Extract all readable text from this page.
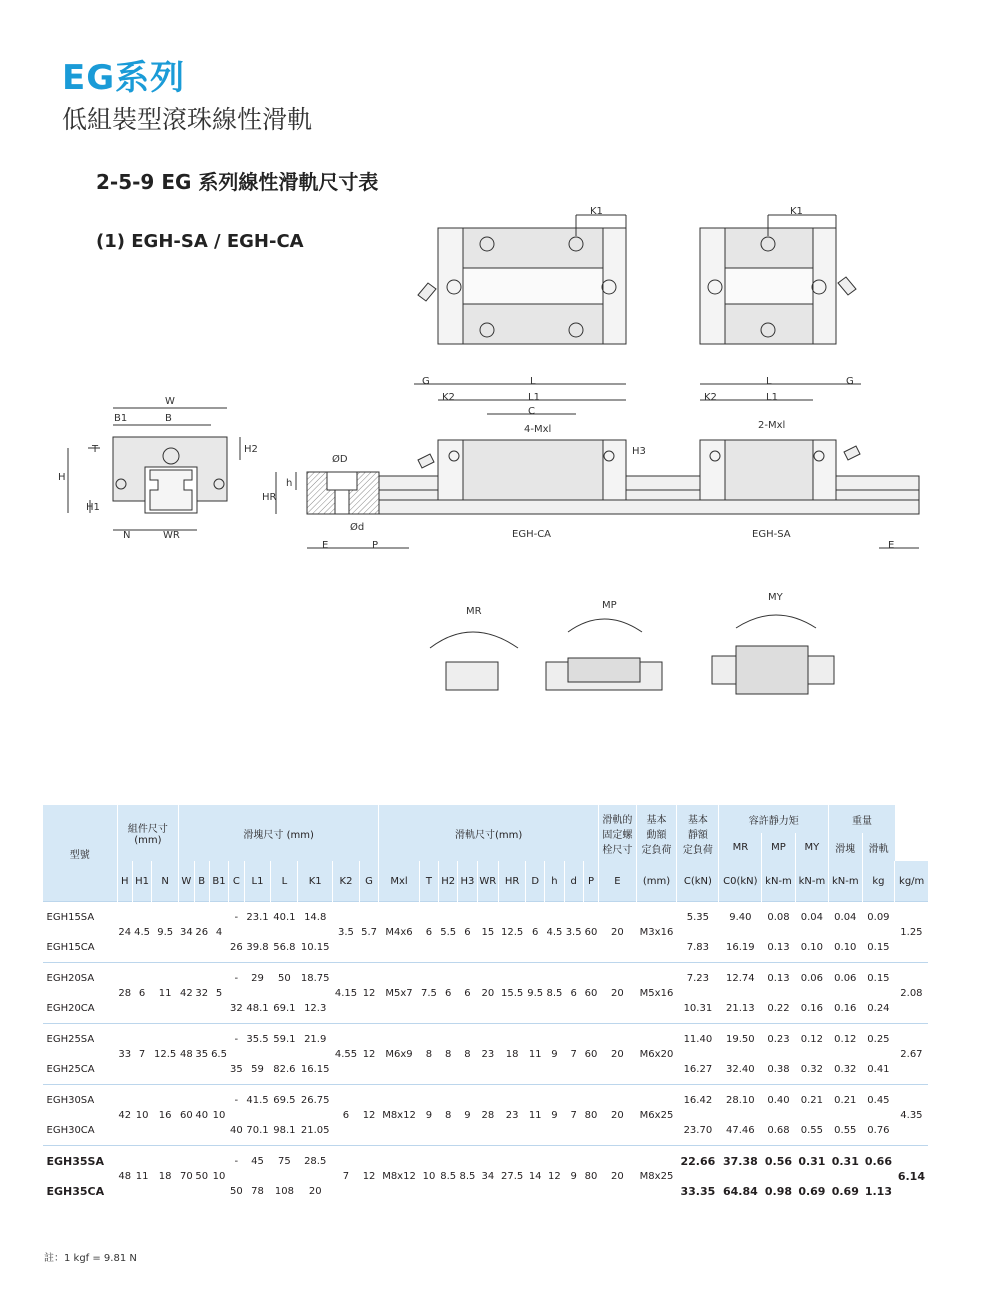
EG系列
低組裝型滾珠線性滑軌
2-5-9 EG 系列線性滑軌尺寸表
(1) EGH-SA / EGH-CA
W
B1	B
H2
T
H
H1
N	WR
HR
h
ØD
Ød
E	P
G	L
K2	L1
C
4-Mxl
H3
K1	K1
L	G
K2	L1
2-Mxl
EGH-CA	EGH-SA
E
MR
MP
MY
型號	組件尺寸
(mm)			滑塊尺寸 (mm)									滑軌尺寸(mm)										滑軌的
固定螺
栓尺寸	基本
動額
定負荷	基本
靜額
定負荷	容許靜力矩			重量		
																										MR	MP	MY	滑塊	滑軌	
	H	H1	N	W	B	B1	C	L1	L	K1	K2	G	Mxl	T	H2	H3	WR	HR	D	h	d	P	E	(mm)	C(kN)	C0(kN)	kN-m	kN-m	kN-m	kg	kg/m
EGH15SA	24	4.5	9.5	34	26	4	-	23.1	40.1	14.8	3.5	5.7	M4x6	6	5.5	6	15	12.5	6	4.5	3.5	60	20	M3x16	5.35	9.40	0.08	0.04	0.04	0.09	1.25
EGH15CA							26	39.8	56.8	10.15															7.83	16.19	0.13	0.10	0.10	0.15	
EGH20SA	28	6	11	42	32	5	-	29	50	18.75	4.15	12	M5x7	7.5	6	6	20	15.5	9.5	8.5	6	60	20	M5x16	7.23	12.74	0.13	0.06	0.06	0.15	2.08
EGH20CA							32	48.1	69.1	12.3															10.31	21.13	0.22	0.16	0.16	0.24	
EGH25SA	33	7	12.5	48	35	6.5	-	35.5	59.1	21.9	4.55	12	M6x9	8	8	8	23	18	11	9	7	60	20	M6x20	11.40	19.50	0.23	0.12	0.12	0.25	2.67
EGH25CA							35	59	82.6	16.15															16.27	32.40	0.38	0.32	0.32	0.41	
EGH30SA	42	10	16	60	40	10	-	41.5	69.5	26.75	6	12	M8x12	9	8	9	28	23	11	9	7	80	20	M6x25	16.42	28.10	0.40	0.21	0.21	0.45	4.35
EGH30CA							40	70.1	98.1	21.05															23.70	47.46	0.68	0.55	0.55	0.76	
EGH35SA	48	11	18	70	50	10	-	45	75	28.5	7	12	M8x12	10	8.5	8.5	34	27.5	14	12	9	80	20	M8x25	22.66	37.38	0.56	0.31	0.31	0.66	6.14
EGH35CA							50	78	108	20															33.35	64.84	0.98	0.69	0.69	1.13	
註：1 kgf = 9.81 N
